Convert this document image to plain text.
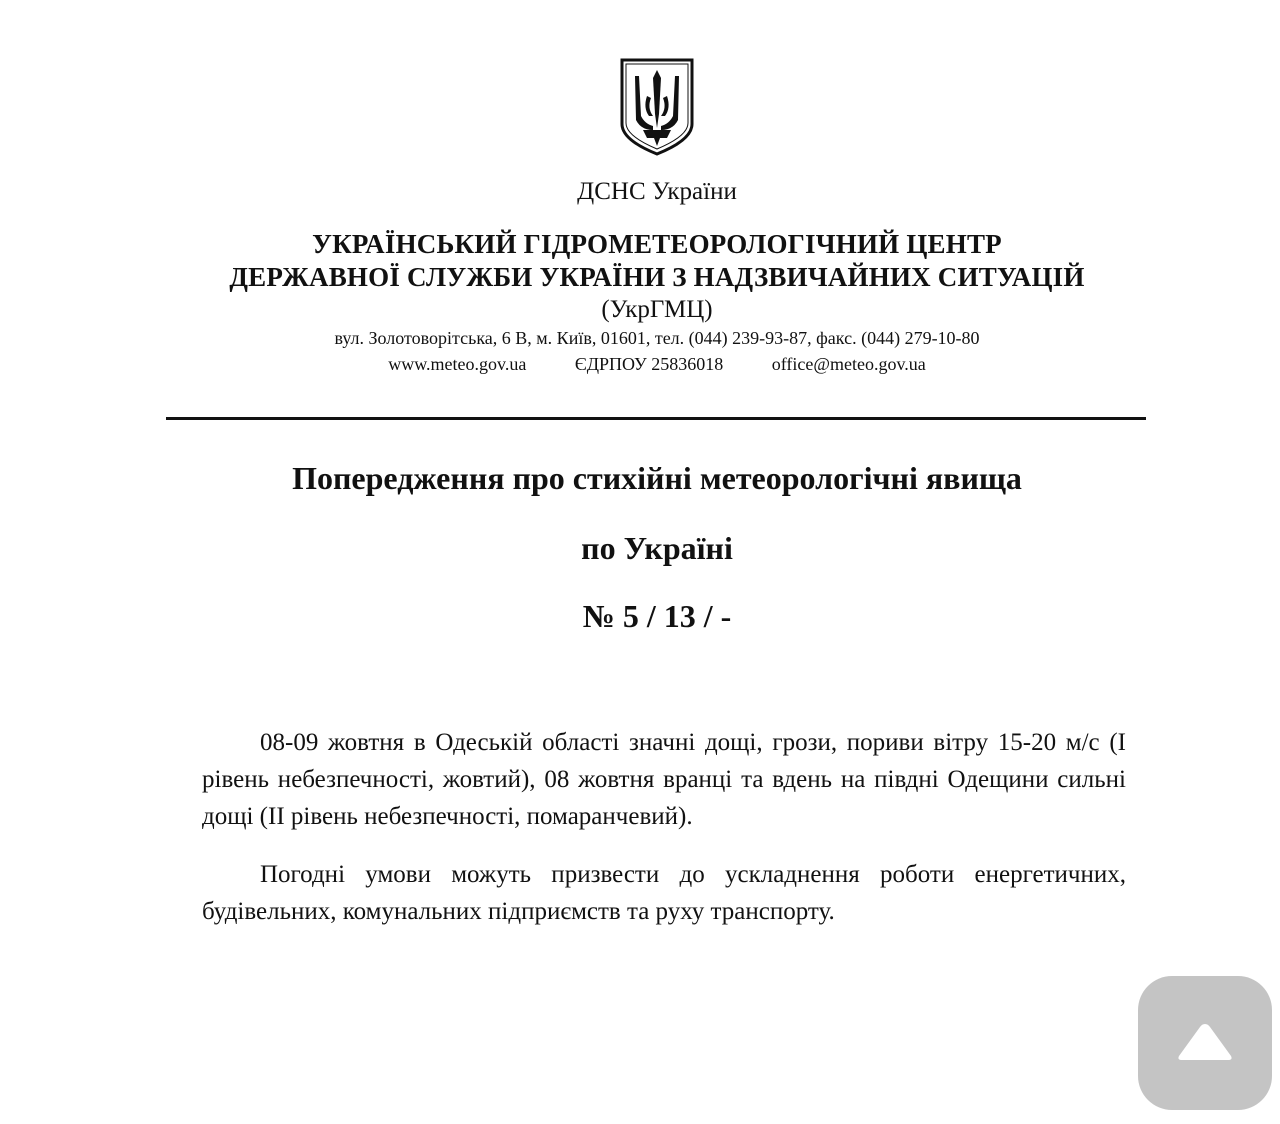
ДСНС України
УКРАЇНСЬКИЙ ГІДРОМЕТЕОРОЛОГІЧНИЙ ЦЕНТР
ДЕРЖАВНОЇ СЛУЖБИ УКРАЇНИ З НАДЗВИЧАЙНИХ СИТУАЦІЙ
(УкрГМЦ)
вул. Золотоворітська, 6 В, м. Київ, 01601, тел. (044) 239-93-87, факс. (044) 279-10-80
www.meteo.gov.ua	ЄДРПОУ 25836018	office@meteo.gov.ua
Попередження про стихійні метеорологічні явища
по Україні
№ 5 / 13 / -

08-09 жовтня в Одеській області значні дощі, грози, пориви вітру 15-20 м/с (І рівень небезпечності, жовтий), 08 жовтня вранці та вдень на півдні Одещини сильні дощі (ІІ рівень небезпечності, помаранчевий).

Погодні умови можуть призвести до ускладнення роботи енергетичних, будівельних, комунальних підприємств та руху транспорту.
